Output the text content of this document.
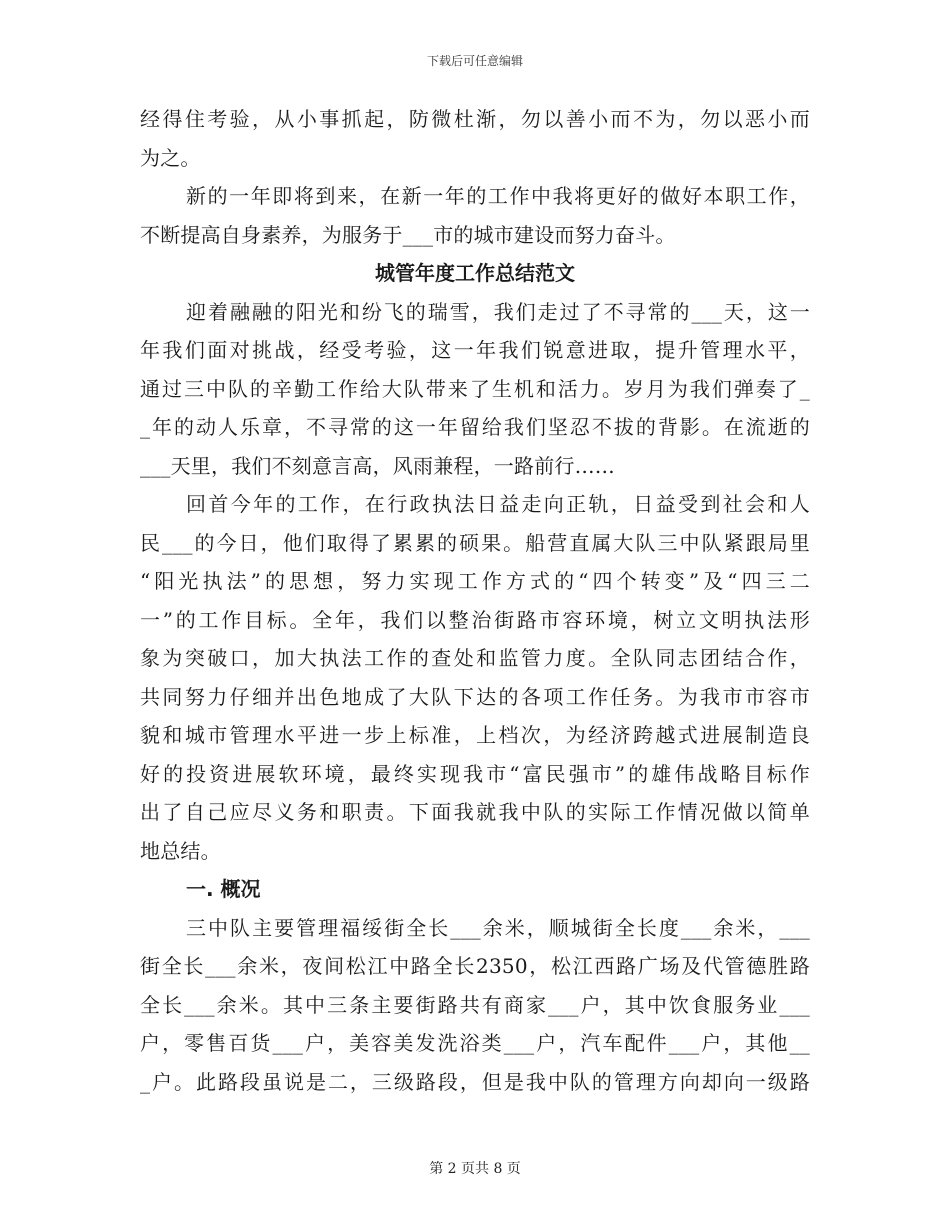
下载后可任意编辑
经得住考验，从小事抓起，防微杜渐，勿以善小而不为，勿以恶小而
为之。
新的一年即将到来，在新一年的工作中我将更好的做好本职工作，
不断提高自身素养，为服务于___市的城市建设而努力奋斗。
城管年度工作总结范文
迎着融融的阳光和纷飞的瑞雪，我们走过了不寻常的___天，这一
年我们面对挑战，经受考验，这一年我们锐意进取，提升管理水平，
通过三中队的辛勤工作给大队带来了生机和活力。岁月为我们弹奏了_
_年的动人乐章，不寻常的这一年留给我们坚忍不拔的背影。在流逝的
___天里，我们不刻意言高，风雨兼程，一路前行……
回首今年的工作，在行政执法日益走向正轨，日益受到社会和人
民___的今日，他们取得了累累的硕果。船营直属大队三中队紧跟局里
“阳光执法”的思想，努力实现工作方式的“四个转变”及“四三二
一”的工作目标。全年，我们以整治街路市容环境，树立文明执法形
象为突破口，加大执法工作的查处和监管力度。全队同志团结合作，
共同努力仔细并出色地成了大队下达的各项工作任务。为我市市容市
貌和城市管理水平进一步上标准，上档次，为经济跨越式进展制造良
好的投资进展软环境，最终实现我市“富民强市”的雄伟战略目标作
出了自己应尽义务和职责。下面我就我中队的实际工作情况做以简单
地总结。
一. 概况
三中队主要管理福绥街全长___余米，顺城街全长度___余米，___
街全长___余米，夜间松江中路全长2350，松江西路广场及代管德胜路
全长___余米。其中三条主要街路共有商家___户，其中饮食服务业___
户，零售百货___户，美容美发洗浴类___户，汽车配件___户，其他__
_户。此路段虽说是二，三级路段，但是我中队的管理方向却向一级路
第 2 页共 8 页
